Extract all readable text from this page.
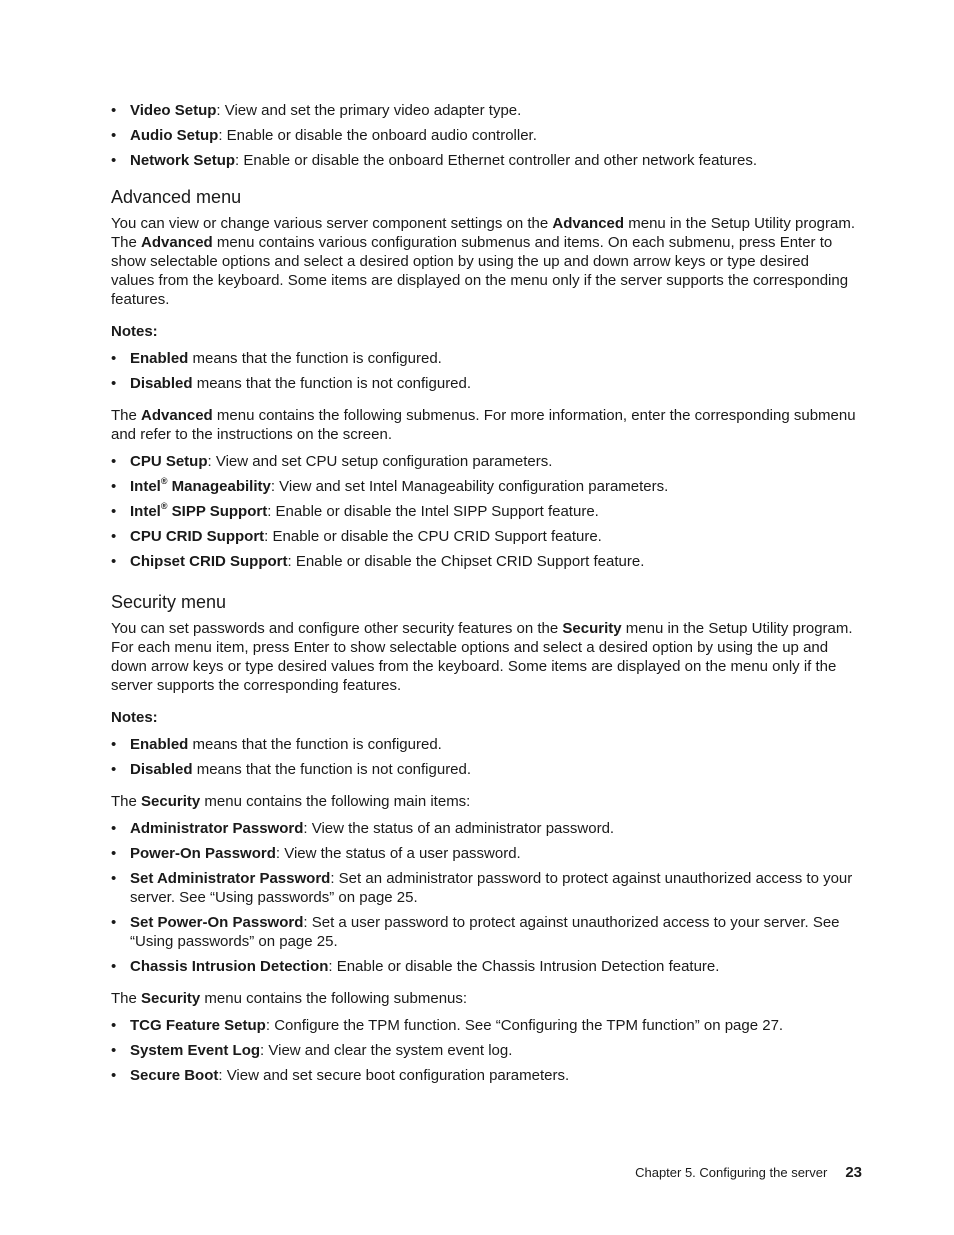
• Video Setup: View and set the primary video adapter type.
• Audio Setup: Enable or disable the onboard audio controller.
• Network Setup: Enable or disable the onboard Ethernet controller and other network features.
Advanced menu

You can view or change various server component settings on the Advanced menu in the Setup Utility program. The Advanced menu contains various configuration submenus and items. On each submenu, press Enter to show selectable options and select a desired option by using the up and down arrow keys or type desired values from the keyboard. Some items are displayed on the menu only if the server supports the corresponding features.

Notes:

• Enabled means that the function is configured.
• Disabled means that the function is not configured.

The Advanced menu contains the following submenus. For more information, enter the corresponding submenu and refer to the instructions on the screen.

• CPU Setup: View and set CPU setup configuration parameters.
• Intel® Manageability: View and set Intel Manageability configuration parameters.
• Intel® SIPP Support: Enable or disable the Intel SIPP Support feature.
• CPU CRID Support: Enable or disable the CPU CRID Support feature.
• Chipset CRID Support: Enable or disable the Chipset CRID Support feature.
Security menu

You can set passwords and configure other security features on the Security menu in the Setup Utility program. For each menu item, press Enter to show selectable options and select a desired option by using the up and down arrow keys or type desired values from the keyboard. Some items are displayed on the menu only if the server supports the corresponding features.

Notes:

• Enabled means that the function is configured.
• Disabled means that the function is not configured.

The Security menu contains the following main items:

• Administrator Password: View the status of an administrator password.
• Power-On Password: View the status of a user password.
• Set Administrator Password: Set an administrator password to protect against unauthorized access to your server. See “Using passwords” on page 25.
• Set Power-On Password: Set a user password to protect against unauthorized access to your server. See “Using passwords” on page 25.
• Chassis Intrusion Detection: Enable or disable the Chassis Intrusion Detection feature.

The Security menu contains the following submenus:

• TCG Feature Setup: Configure the TPM function. See “Configuring the TPM function” on page 27.
• System Event Log: View and clear the system event log.
• Secure Boot: View and set secure boot configuration parameters.
Chapter 5. Configuring the server 23
